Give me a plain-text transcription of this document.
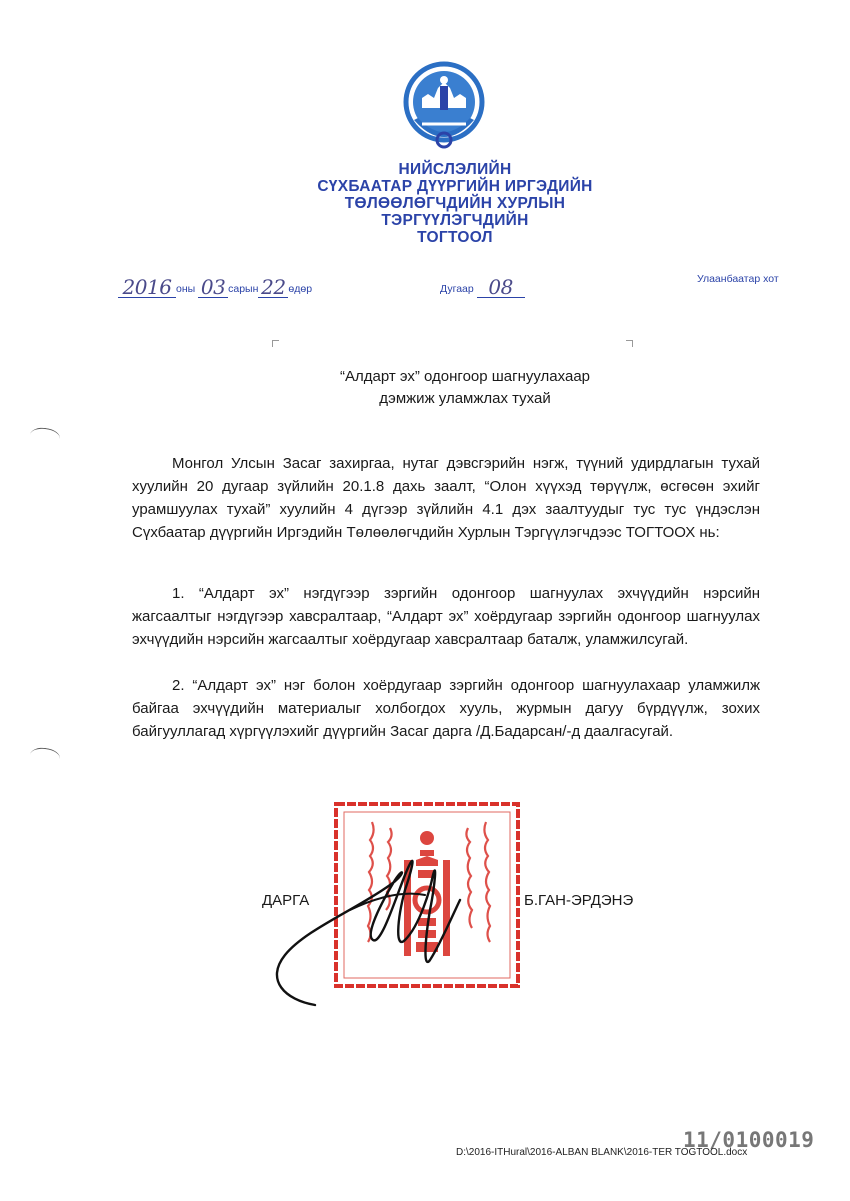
НИЙСЛЭЛИЙН
СҮХБААТАР ДҮҮРГИЙН ИРГЭДИЙН
ТӨЛӨӨЛӨГЧДИЙН ХУРЛЫН
ТЭРГҮҮЛЭГЧДИЙН
ТОГТООЛ
2016 оны 03 сарын 22 өдөр	Дугаар 08	Улаанбаатар хот
“Алдарт эх” одонгоор шагнуулахаар
дэмжиж уламжлах тухай
Монгол Улсын Засаг захиргаа, нутаг дэвсгэрийн нэгж, түүний удирдлагын тухай хуулийн 20 дугаар зүйлийн 20.1.8 дахь заалт, “Олон хүүхэд төрүүлж, өсгөсөн эхийг урамшуулах тухай” хуулийн 4 дүгээр зүйлийн 4.1 дэх заалтуудыг тус тус үндэслэн Сүхбаатар дүүргийн Иргэдийн Төлөөлөгчдийн Хурлын Тэргүүлэгчдээс ТОГТООХ нь:
1. “Алдарт эх” нэгдүгээр зэргийн одонгоор шагнуулах эхчүүдийн нэрсийн жагсаалтыг нэгдүгээр хавсралтаар, “Алдарт эх” хоёрдугаар зэргийн одонгоор шагнуулах эхчүүдийн нэрсийн жагсаалтыг хоёрдугаар хавсралтаар баталж, уламжилсугай.
2. “Алдарт эх” нэг болон хоёрдугаар зэргийн одонгоор шагнуулахаар уламжилж байгаа эхчүүдийн материалыг холбогдох хууль, журмын дагуу бүрдүүлж, зохих байгууллагад хүргүүлэхийг дүүргийн Засаг дарга /Д.Бадарсан/-д даалгасугай.
ДАРГА	Б.ГАН-ЭРДЭНЭ
11/0100019
D:\2016-ITHural\2016-ALBAN BLANK\2016-TER TOGTOOL.docx
